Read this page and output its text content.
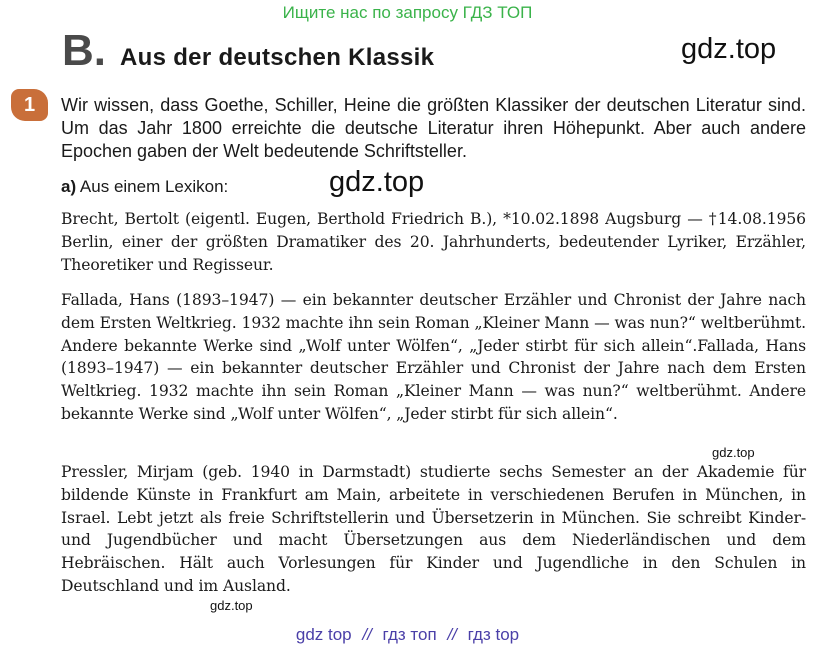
Ищите нас по запросу ГДЗ ТОП
B . Aus der deutschen Klassik	gdz.top
1	Wir wissen, dass Goethe, Schiller, Heine die größten Klassiker der deutschen Literatur sind. Um das Jahr 1800 erreichte die deutsche Literatur ihren Höhepunkt. Aber auch andere Epochen gaben der Welt bedeutende Schriftsteller.
a) Aus einem Lexikon:	gdz.top
Brecht, Bertolt (eigentl. Eugen, Berthold Friedrich B.), *10.02.1898 Augsburg — †14.08.1956 Berlin, einer der größten Dramatiker des 20. Jahrhunderts, bedeutender Lyriker, Erzähler, Theoretiker und Regisseur.
Fallada, Hans (1893–1947) — ein bekannter deutscher Erzähler und Chronist der Jahre nach dem Ersten Weltkrieg. 1932 machte ihn sein Roman „Kleiner Mann — was nun?“ weltberühmt. Andere bekannte Werke sind „Wolf unter Wölfen“, „Jeder stirbt für sich allein“.Fallada, Hans (1893–1947) — ein bekannter deutscher Erzähler und Chronist der Jahre nach dem Ersten Weltkrieg. 1932 machte ihn sein Roman „Kleiner Mann — was nun?“ weltberühmt. Andere bekannte Werke sind „Wolf unter Wölfen“, „Jeder stirbt für sich allein“.
gdz.top
Pressler, Mirjam (geb. 1940 in Darmstadt) studierte sechs Semester an der Akademie für bildende Künste in Frankfurt am Main, arbeitete in verschiedenen Berufen in München, in Israel. Lebt jetzt als freie Schriftstellerin und Übersetzerin in München. Sie schreibt Kinder- und Jugendbücher und macht Übersetzungen aus dem Niederländischen und dem Hebräischen. Hält auch Vorlesungen für Kinder und Jugendliche in den Schulen in Deutschland und im Ausland.
gdz.top
gdz top // гдз топ // гдз top
